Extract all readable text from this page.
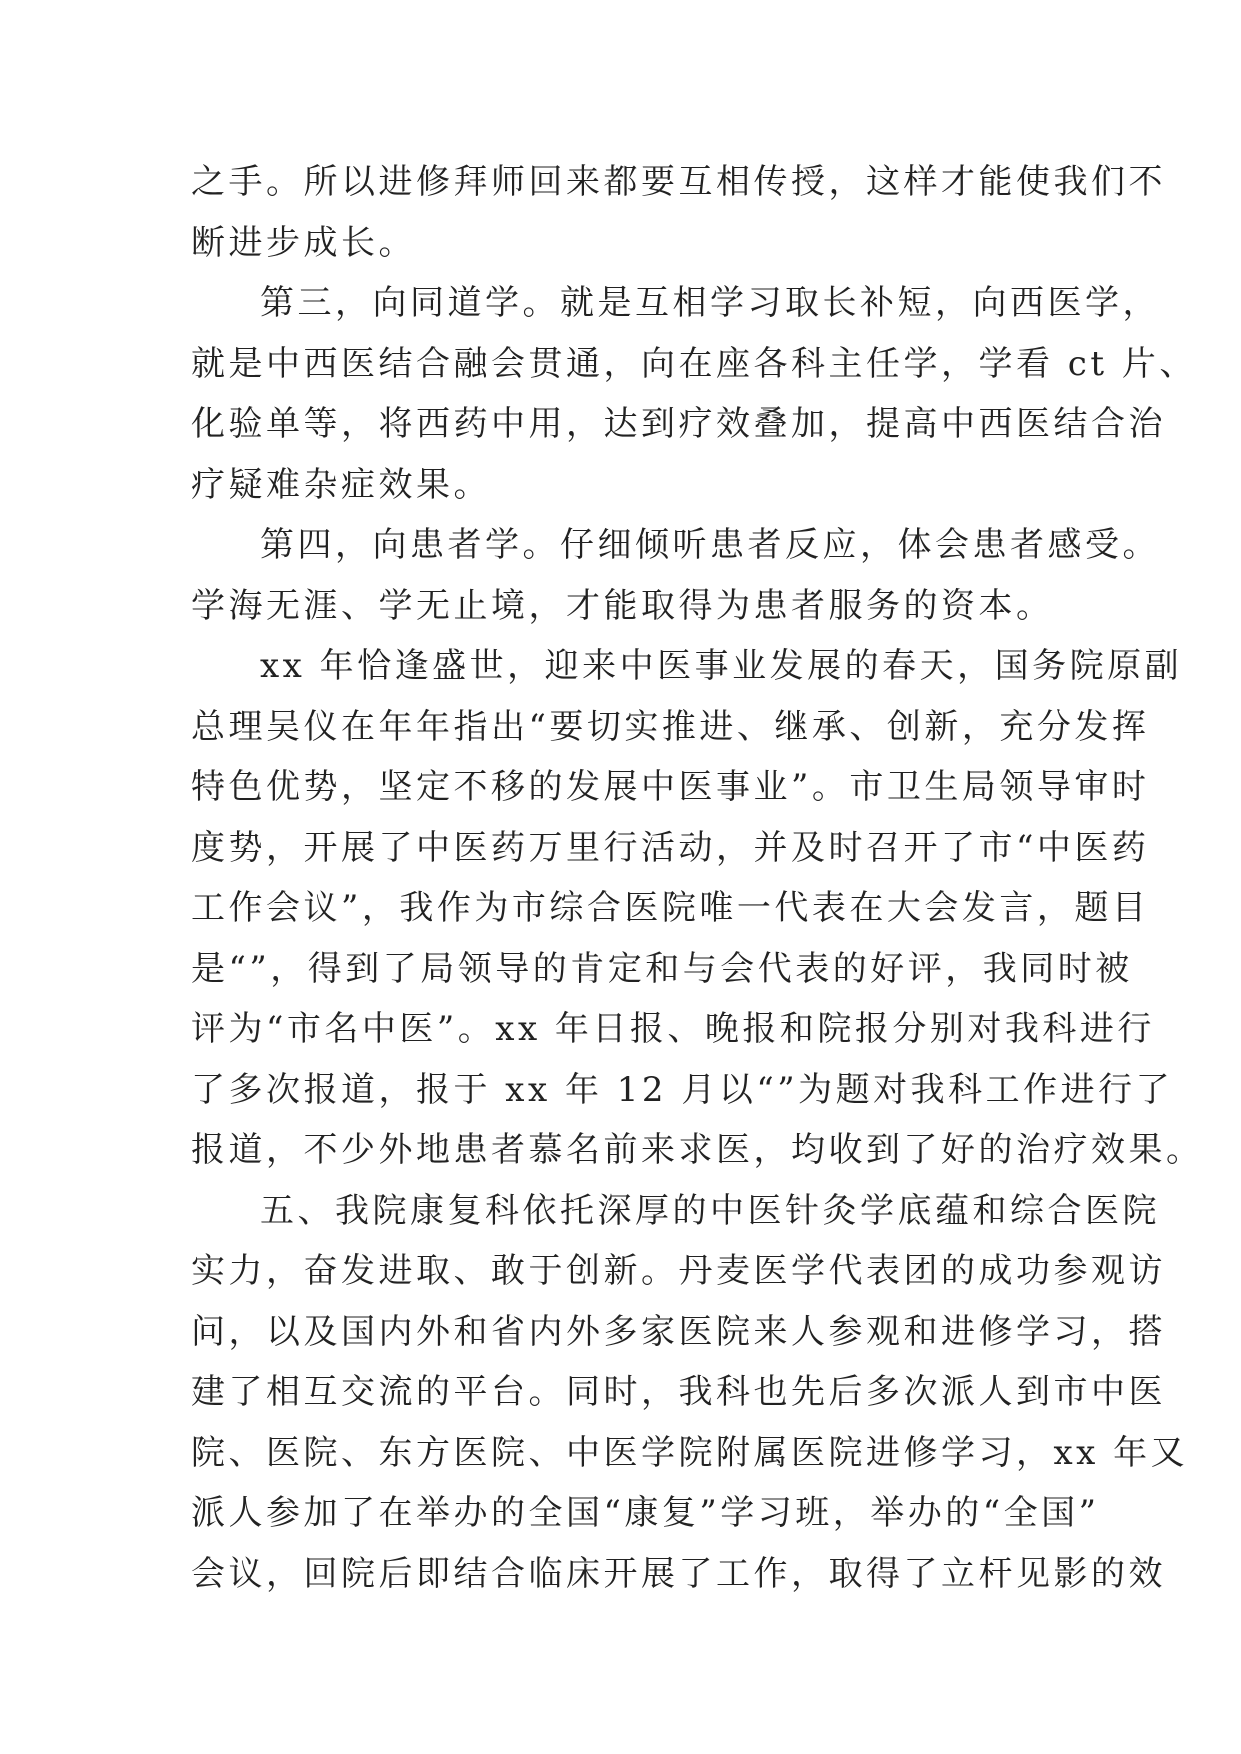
之手。所以进修拜师回来都要互相传授，这样才能使我们不
断进步成长。
第三，向同道学。就是互相学习取长补短，向西医学，
就是中西医结合融会贯通，向在座各科主任学，学看 ct 片、
化验单等，将西药中用，达到疗效叠加，提高中西医结合治
疗疑难杂症效果。
第四，向患者学。仔细倾听患者反应，体会患者感受。
学海无涯、学无止境，才能取得为患者服务的资本。
xx 年恰逢盛世，迎来中医事业发展的春天，国务院原副
总理吴仪在年年指出“要切实推进、继承、创新，充分发挥
特色优势，坚定不移的发展中医事业”。市卫生局领导审时
度势，开展了中医药万里行活动，并及时召开了市“中医药
工作会议”，我作为市综合医院唯一代表在大会发言，题目
是“”，得到了局领导的肯定和与会代表的好评，我同时被
评为“市名中医”。xx 年日报、晚报和院报分别对我科进行
了多次报道，报于 xx 年 12 月以“”为题对我科工作进行了
报道，不少外地患者慕名前来求医，均收到了好的治疗效果。
五、我院康复科依托深厚的中医针灸学底蕴和综合医院
实力，奋发进取、敢于创新。丹麦医学代表团的成功参观访
问，以及国内外和省内外多家医院来人参观和进修学习，搭
建了相互交流的平台。同时，我科也先后多次派人到市中医
院、医院、东方医院、中医学院附属医院进修学习，xx 年又
派人参加了在举办的全国“康复”学习班，举办的“全国”
会议，回院后即结合临床开展了工作，取得了立杆见影的效
